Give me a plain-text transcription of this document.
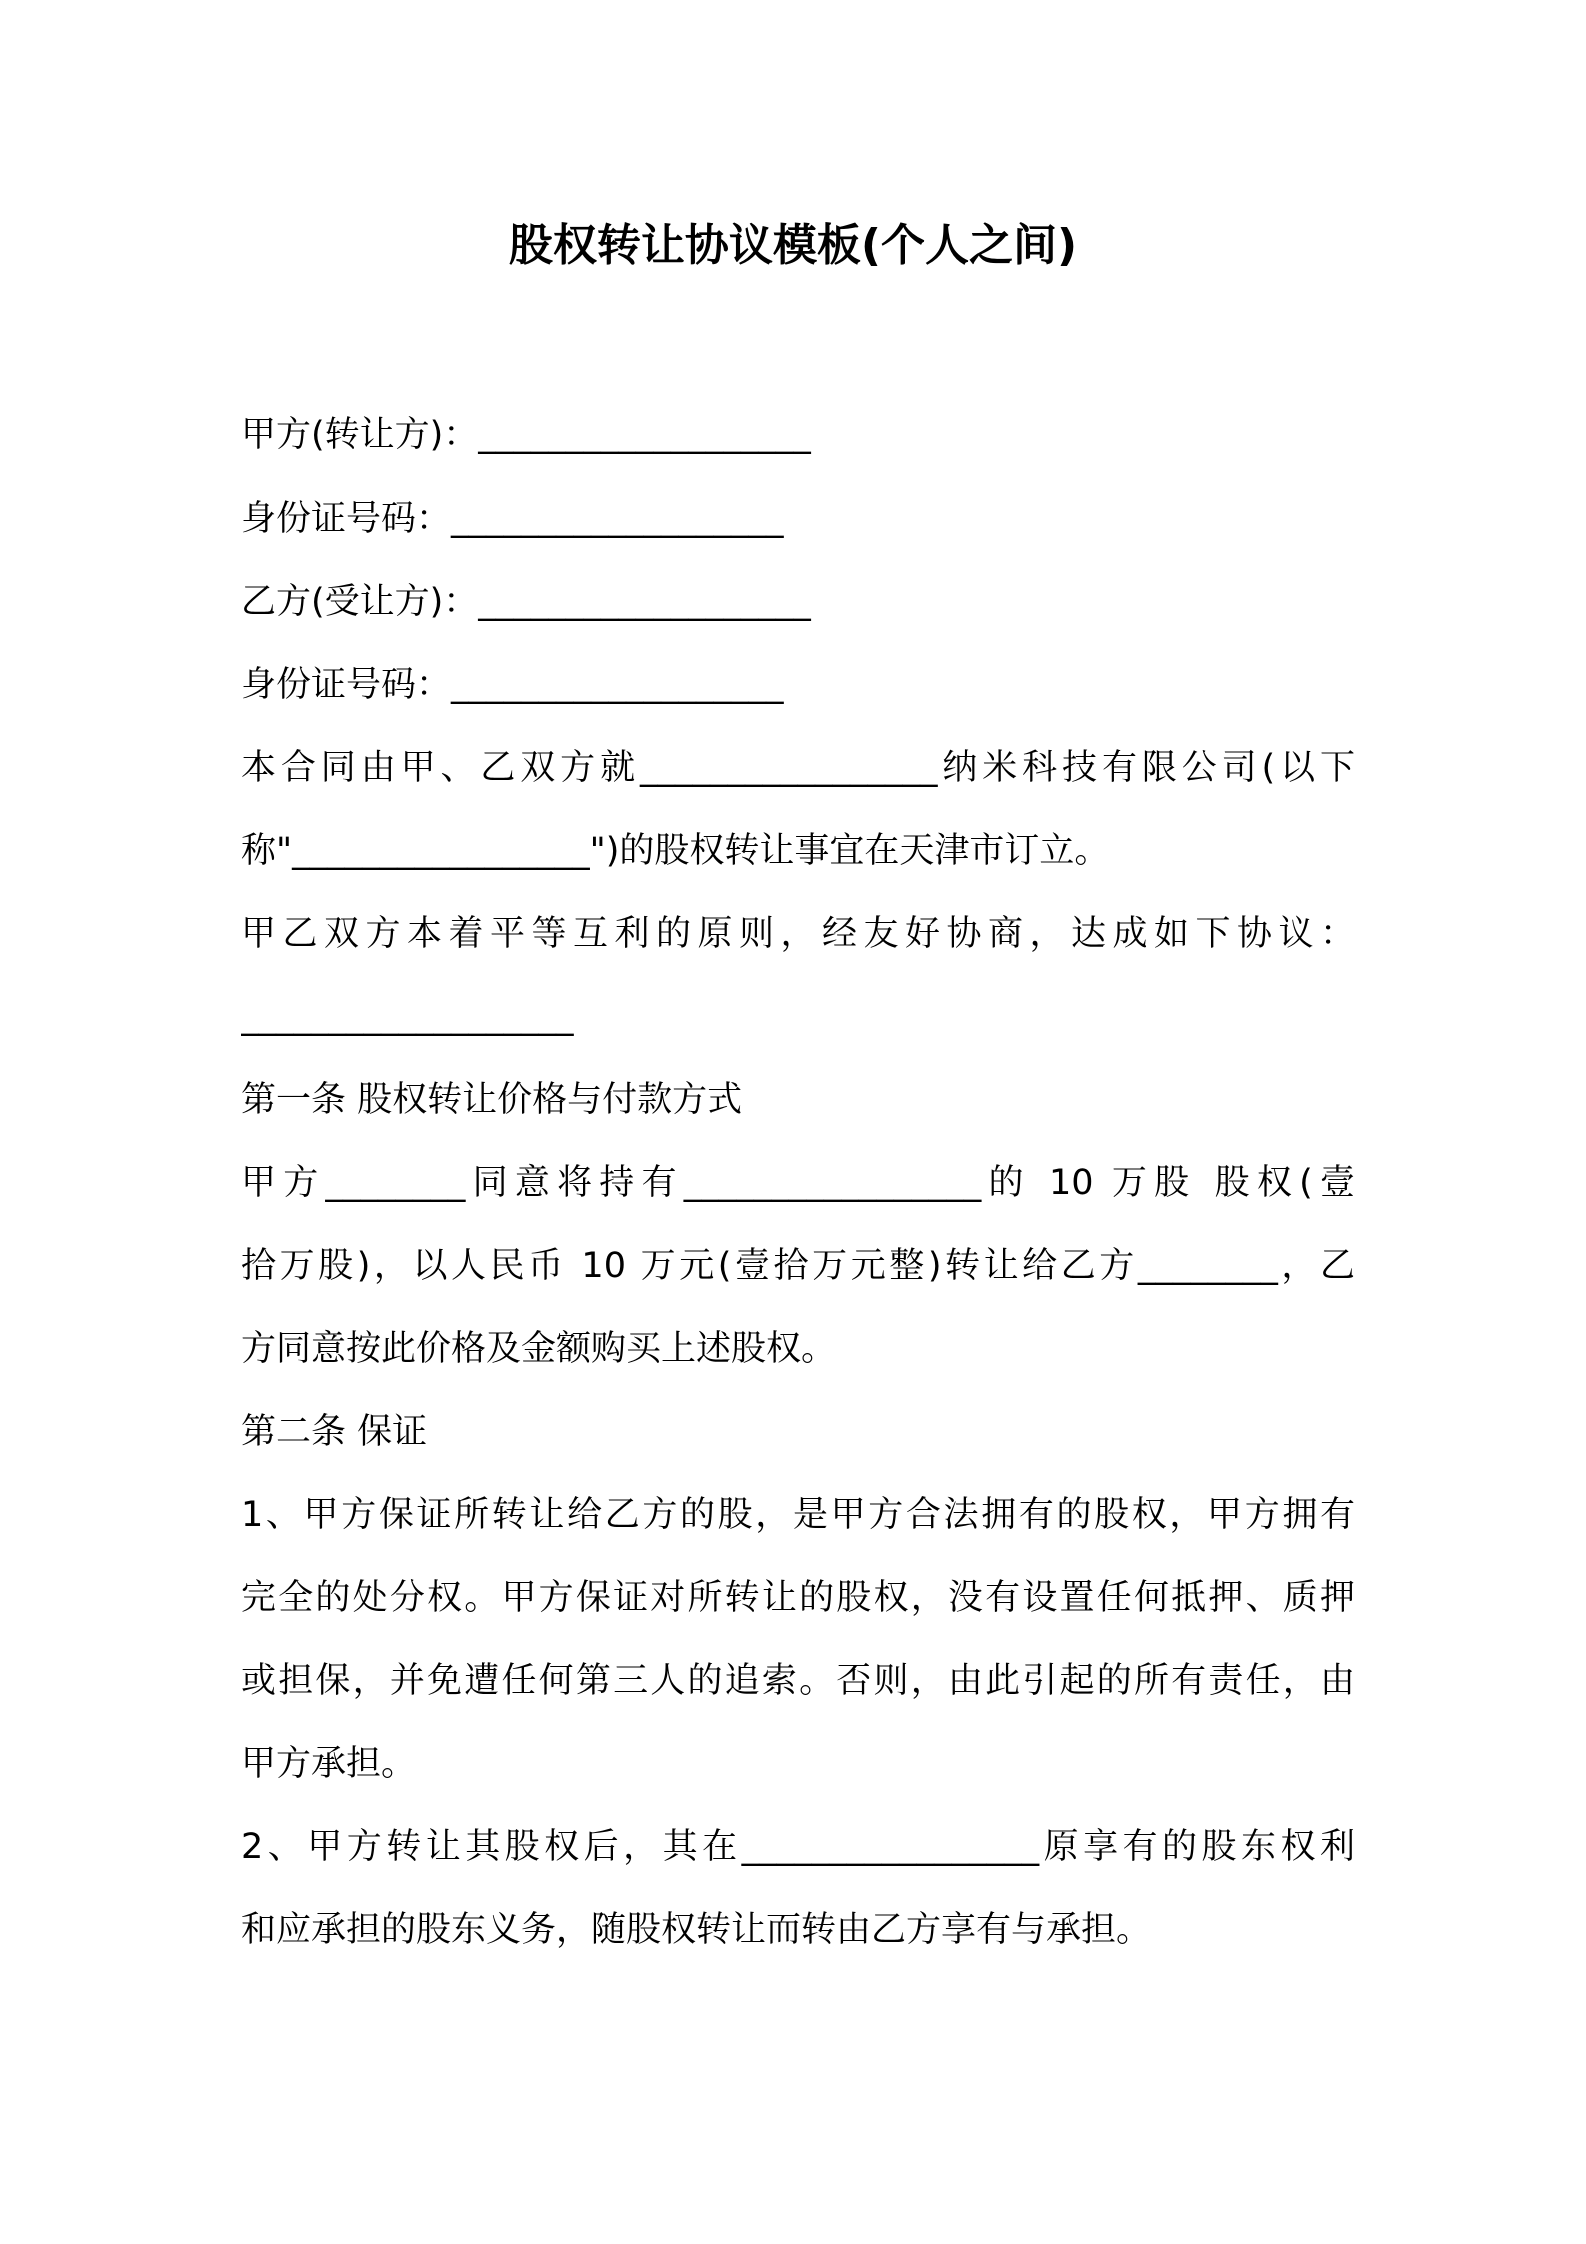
股权转让协议模板(个人之间)
甲方(转让方)：___________________
身份证号码：___________________
乙方(受让方)：___________________
身份证号码：___________________
本合同由甲、乙双方就_________________纳米科技有限公司(以下
称"_________________")的股权转让事宜在天津市订立。
甲乙双方本着平等互利的原则，经友好协商，达成如下协议：
___________________
第一条 股权转让价格与付款方式
甲方________同意将持有_________________的 10 万股 股权(壹
拾万股)，以人民币 10 万元(壹拾万元整)转让给乙方________，乙
方同意按此价格及金额购买上述股权。
第二条 保证
1、甲方保证所转让给乙方的股，是甲方合法拥有的股权，甲方拥有
完全的处分权。甲方保证对所转让的股权，没有设置任何抵押、质押
或担保，并免遭任何第三人的追索。否则，由此引起的所有责任，由
甲方承担。
2、甲方转让其股权后，其在_________________原享有的股东权利
和应承担的股东义务，随股权转让而转由乙方享有与承担。
